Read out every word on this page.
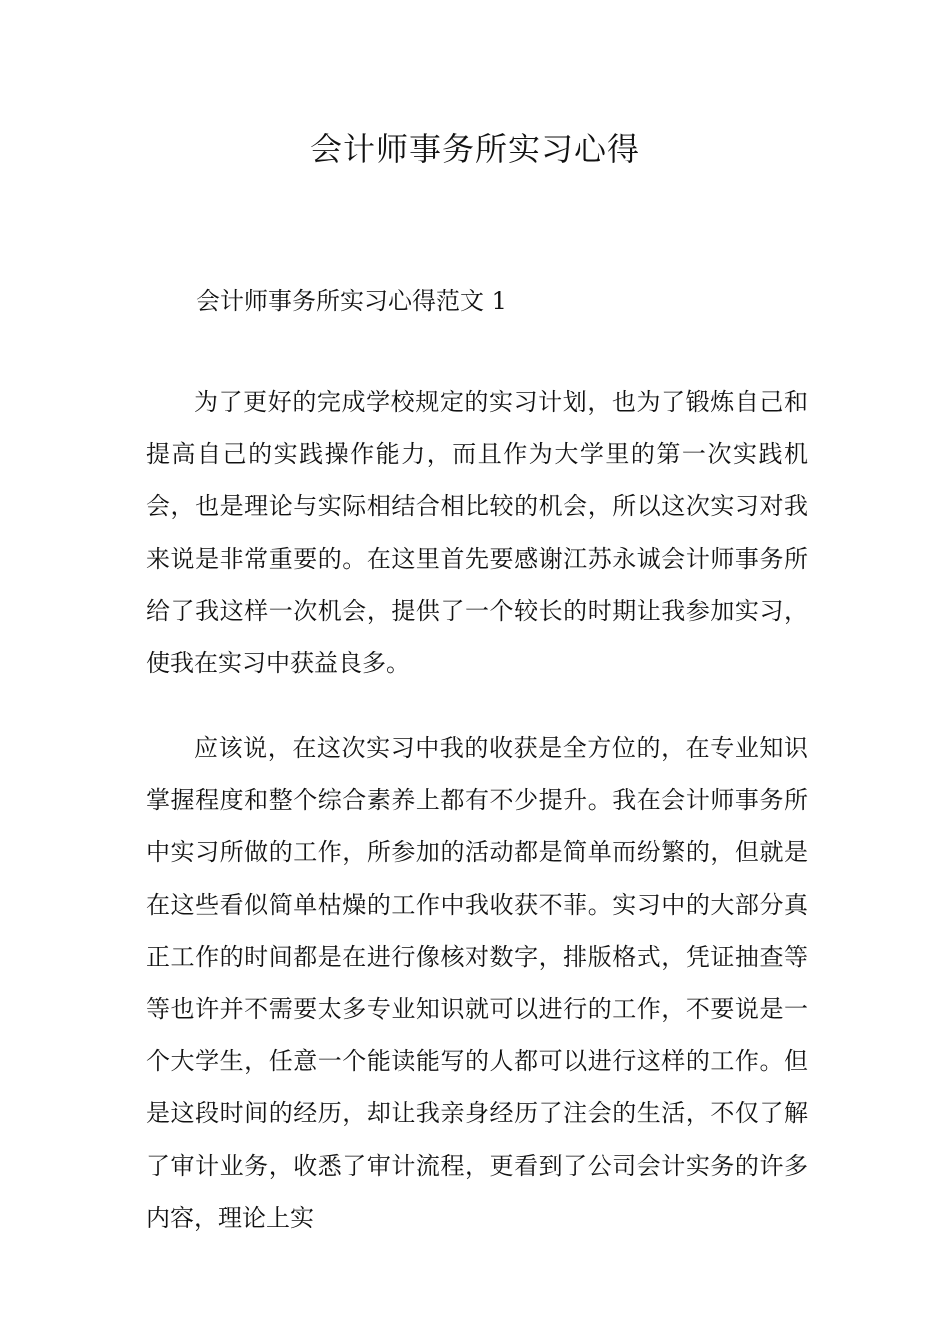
会计师事务所实习心得

会计师事务所实习心得范文 1

为了更好的完成学校规定的实习计划，也为了锻炼自己和提高自己的实践操作能力，而且作为大学里的第一次实践机会，也是理论与实际相结合相比较的机会，所以这次实习对我来说是非常重要的。在这里首先要感谢江苏永诚会计师事务所给了我这样一次机会，提供了一个较长的时期让我参加实习，使我在实习中获益良多。

应该说，在这次实习中我的收获是全方位的，在专业知识掌握程度和整个综合素养上都有不少提升。我在会计师事务所中实习所做的工作，所参加的活动都是简单而纷繁的，但就是在这些看似简单枯燥的工作中我收获不菲。实习中的大部分真正工作的时间都是在进行像核对数字，排版格式，凭证抽查等等也许并不需要太多专业知识就可以进行的工作，不要说是一个大学生，任意一个能读能写的人都可以进行这样的工作。但是这段时间的经历，却让我亲身经历了注会的生活，不仅了解了审计业务，收悉了审计流程，更看到了公司会计实务的许多内容，理论上实
